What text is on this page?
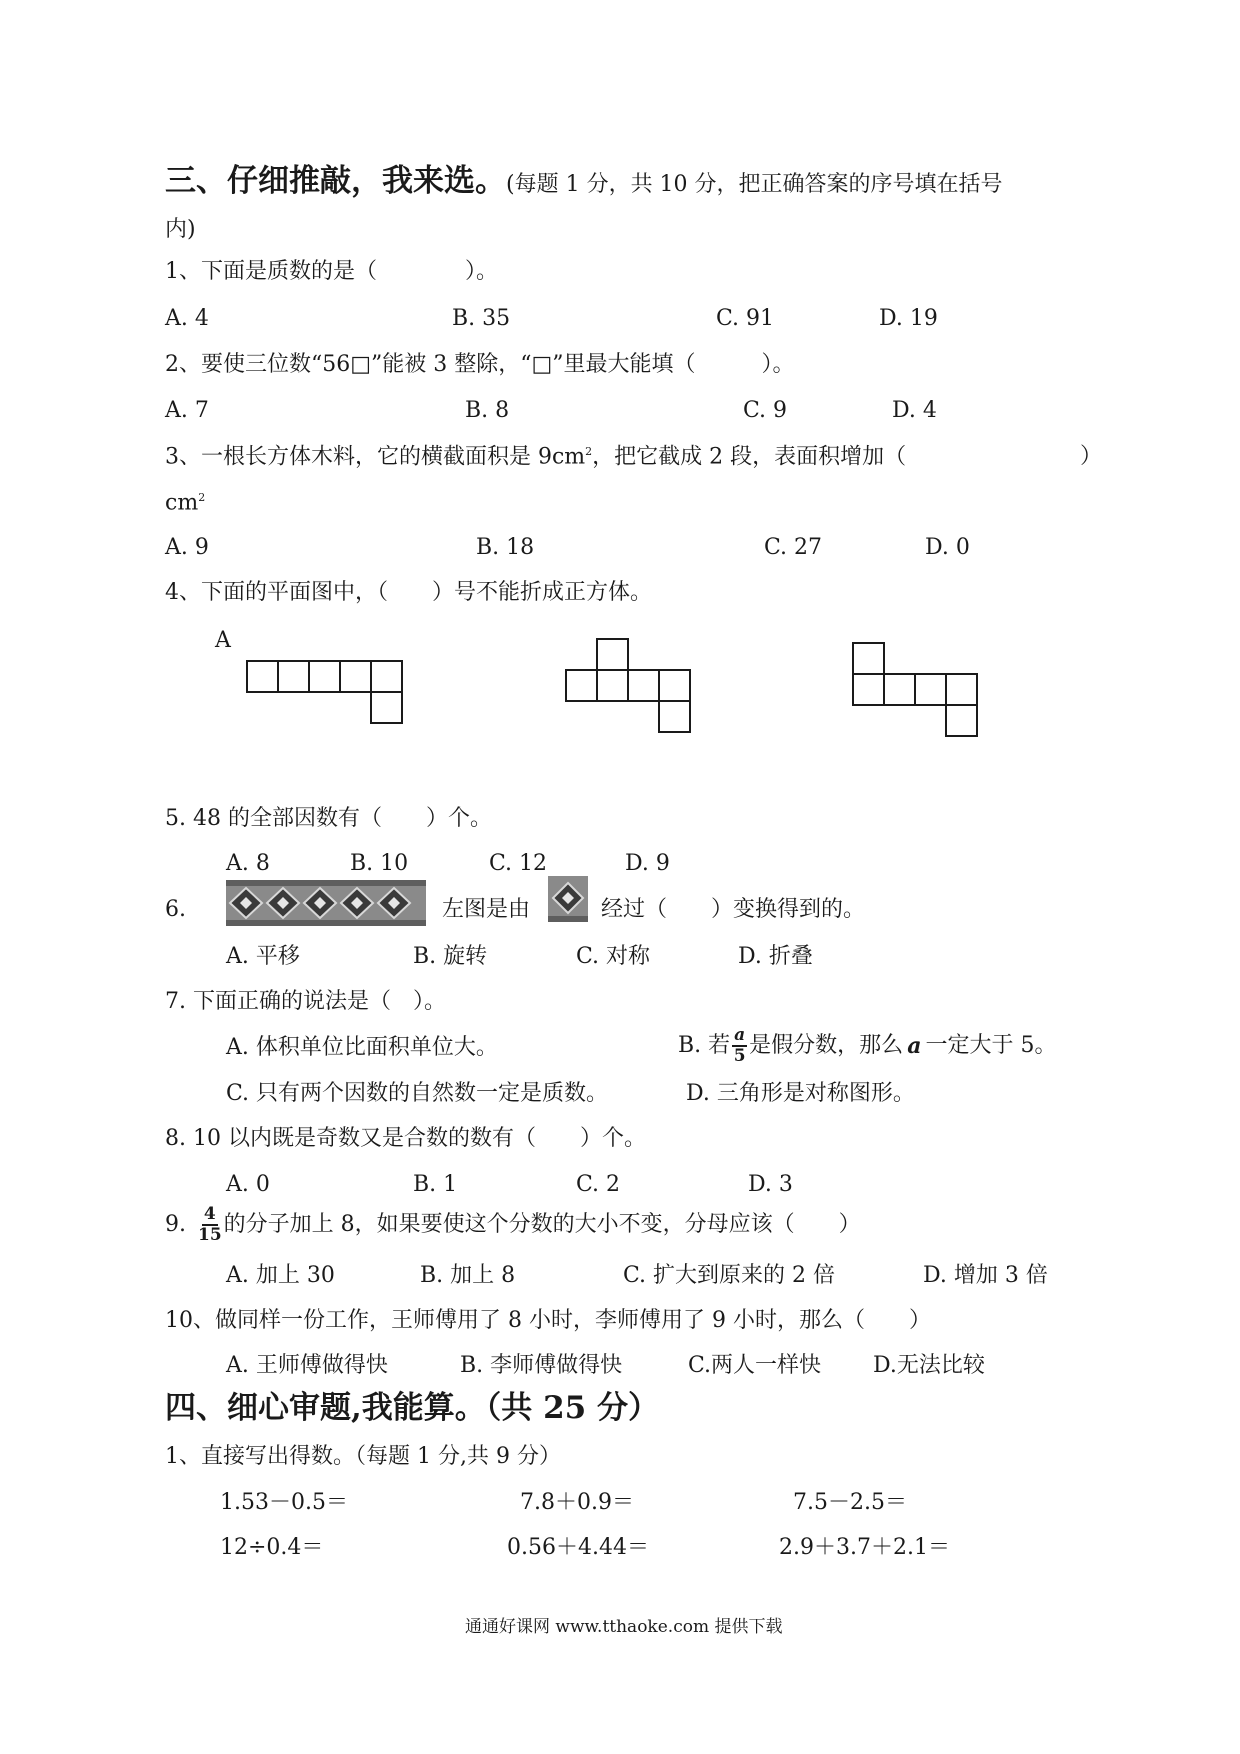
三、仔细推敲，我来选。(每题 1 分，共 10 分，把正确答案的序号填在括号
内)
1、下面是质数的是（　　　　）。
A. 4	B. 35	C. 91	D. 19
2、要使三位数“56□”能被 3 整除，“□”里最大能填（　　　）。
A. 7	B. 8	C. 9	D. 4
3、一根长方体木料，它的横截面积是 $9cm^2$，把它截成 2 段，表面积增加（	）
$cm^2$
A. 9	B. 18	C. 27	D. 0
4、下面的平面图中，（　　）号不能折成正方体。
A
5. 48 的全部因数有（　　）个。
A. 8	B. 10	C. 12	D. 9
6.	左图是由	经过（　　）变换得到的。
A. 平移	B. 旋转	C. 对称	D. 折叠
7. 下面正确的说法是（　）。
A. 体积单位比面积单位大。	B. 若 $\frac{a}{5}$ 是假分数，那么 a 一定大于 5。
C. 只有两个因数的自然数一定是质数。	D. 三角形是对称图形。
8. 10 以内既是奇数又是合数的数有（　　）个。
A. 0	B. 1	C. 2	D. 3
9. $\frac{4}{15}$ 的分子加上 8，如果要使这个分数的大小不变，分母应该（　　）
A. 加上 30	B. 加上 8	C. 扩大到原来的 2 倍	D. 增加 3 倍
10、做同样一份工作，王师傅用了 8 小时，李师傅用了 9 小时，那么（　　）
A. 王师傅做得快	B. 李师傅做得快	C.两人一样快 D.无法比较
四、细心审题,我能算。（共 25 分）
1、直接写出得数。（每题 1 分,共 9 分）
1.53－0.5＝	7.8＋0.9＝	7.5－2.5＝
12÷0.4＝	0.56＋4.44＝	2.9＋3.7＋2.1＝
通通好课网 www.tthaoke.com 提供下载
